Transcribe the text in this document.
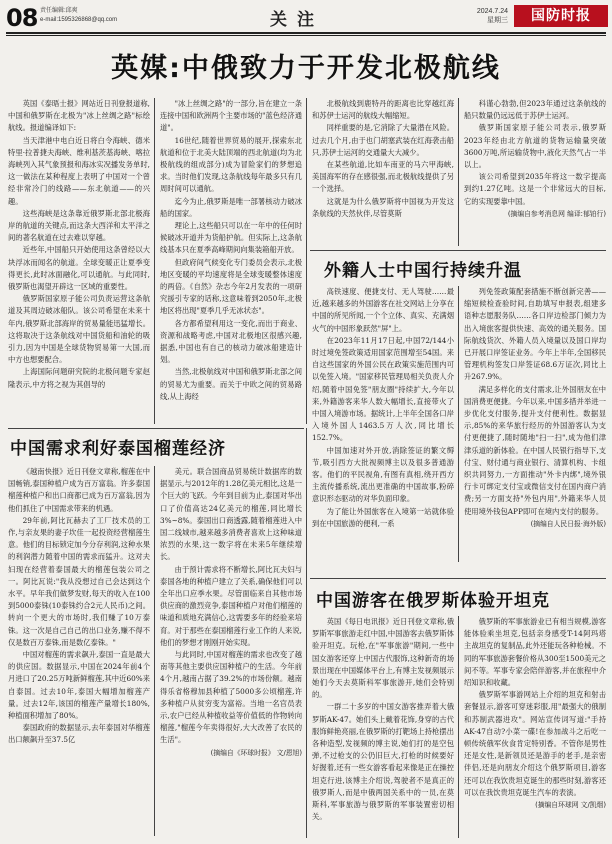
08 责任编辑:邱爽
e-mail:1595326868@qq.com	关注	2024.7.24
星期三	国防时报
英媒:中俄致力于开发北极航线

英国《泰晤士报》网站近日刊登报道称,中国和俄罗斯在北极为"冰上丝绸之路"标绘航线。报道编译如下:

当天津港中电白近日将白令海峡、德米特里·拉普捷夫海峡、维利基茨基海峡、喀拉海峡列入其气象预报和海冰实况播发务单时,这一做法在某种程度上表明了中国对一个曾经非常冷门的线路——东北航道——的兴趣。

这些海峡是这条靠近俄罗斯北部北极海岸的航道的关键点,而这条大西洋和太平洋之间的著名航道在过去难以穿越。

近些年,中国船只开始使用这条曾经以大块浮冰而闻名的航道。全球变暖正让夏季变得更长,此时冰面融化,可以通航。与此同时,俄罗斯也渴望开辟这一区域的重要性。

俄罗斯国家原子能公司负责运营这条航道及其周边破冰船队。该公司希望在未来十年内,俄罗斯北部海岸的贸易量能迅猛增长。这将取决于这条航线对中国货船和油轮的吸引力,因为中国是全球货物贸易第一大国,而中方也想要配合。

上海国际问题研究院的北极问题专家赵隆表示,中方将之视为其倡导的

"冰上丝绸之路"的一部分,旨在建立一条连接中国和欧洲两个主要市场的"蓝色经济通道"。

16世纪,随着世界贸易的展开,探索东北航道和位于北美大陆顶端的西北航道(均为北极航线的组成部分)成为冒险家们的梦想追求。当时他们发现,这条航线每年最多只有几周时间可以通航。

迄今为止,俄罗斯是唯一部署核动力破冰船的国家。

理论上,这些船只可以在一年中的任何时候破冰开道并为货船护航。但实际上,这条航线基本只在夏季高峰期间向集装箱船开放。

但政府间气候变化专门委员会表示,北极地区变暖的平均速度将是全球变暖整体速度的两倍。《自然》杂志今年2月发表的一项研究援引专家的话称,这意味着到2050年,北极地区将出现"夏季几乎无冰状态"。

各方都希望利用这一变化,而出于商业、资源和战略考虑,中国对北极地区很感兴趣,据悉,中国也有自己的核动力破冰船建造计划。

当然,北极航线对中国和俄罗斯北部之间的贸易尤为重要。而关于中欧之间的贸易路线,从上海经

北极航线到鹿特丹的距离也比穿越红海和苏伊士运河的航线大幅缩短。

同样重要的是,它消除了大量潜在风险。过去几个月,由于也门胡塞武装在红海袭击船只,苏伊士运河的交通量大大减少。

在某些航道,比如车南亚的马六甲海峡,美国海军的存在感很强,而北极航线提供了另一个选择。

这就是为什么俄罗斯将中国视为开发这条航线的天然伙伴,尽管莫斯

科谨心勃勃,但2023年通过这条航线的船只数量仍远远低于苏伊士运河。

俄罗斯国家原子能公司表示,俄罗斯2023年经由北方航道的货物运输量突破3600万吨,所运输货物中,液化天然气占一半以上。

该公司希望到2035年将这一数字提高到约1.27亿吨。这是一个非常远大的目标,它的实现要靠中国。

(摘编自参考消息网 编译:郁铂行)
外籍人士中国行持续升温

高铁速度、便捷支付、无人驾驶……最近,越来越多的外国游客在社交网站上分享在中国的所见所闻,一个个立体、真实、充满烟火气的中国形象跃然"屏"上。

在2023年11月17日起,中国72/144小时过境免签政策适用国家范围增至54国。来自这些国家的外国公民在政策实施范围内可以免签入境。"国家移民管理局相关负责人介绍,随着中国免签"朋友圈"持续扩大,今年以来,外籍游客来华人数大幅增长,直接带火了中国入境游市场。据统计,上半年全国各口岸入境外国人1463.5万人次,同比增长152.7%。

中国加速对外开放,消除签证的繁文缛节,吸引西方大批视频博主以及很多普通游客。他们的平民视角,有图有真相,绕开西方主流传播系统,流出更准确的中国故事,粉碎意识形态驱动的对华负面印象。

为了能让外国旅客在入境第一站就体验到在中国旅游的便利,一系

列免签政策配套措施不断创新完善——缩短候检查验时间,自助填写申报表,组建多语种志愿服务队……各口岸边检部门倾力为出入境旅客提供快速、高效的通关服务。国际航线货次、外籍人员入境量以及国口岸均已开展口岸签证业务。今年上半年,全国移民管理机构签发口岸签证68.6万证次,同比上升267.9%。

满足多样化的支付需求,让外国朋友在中国消费更便捷。今年以来,中国多措并举进一步优化支付服务,提升支付便利性。数据显示,85%的来华旅行经历的外国游客认为支付更便捷了,随时随地"扫一扫",成为他们津津乐道的新体验。在中国人民银行指导下,支付宝、财付通与商业银行、清算机构、卡组织共同努力,一方面推动"外卡内绑",境外银行卡可绑定支付宝或微信支付在国内商户消费;另一方面支持"外包内用",外籍来华人员使用境外钱包APP即可在境内支付的服务。

(摘编自人民日报·海外版)
中国需求利好泰国榴莲经济

《越南快报》近日刊登文章称,榴莲在中国畅销,泰国种植户成为百万富翁。许多泰国榴莲种植户和出口商都已成为百万富翁,因为他们抓住了中国需求带来的机遇。

29年前,阿比瓦赫去了工厂技术员的工作,与亲友果的妻子坎佳一起投资经营榴莲生意。他们的目标锁定加今分存利润,这种水果的利润潜力随着中国的需求而猛升。这对夫妇现在经营着泰国最大的榴莲包装公司之一。阿比瓦说:"我从没想过自己会达到这个水平。早年我们做梦发财,每天的收入在100到5000泰铢(10泰铢约合2元人民币)之间。转向一个更大的市场时,我们赚了10万泰铢。这一次是自己自己的出口业务,赚不得不仅是数百万泰铢,而是数亿泰铢。"

中国对榴莲的需求飙升,泰国一直是最大的供应国。数据显示,中国在2024年前4个月进口了20.25万吨新鲜榴莲,其中近60%来自泰国。过去10年,泰国大幅增加榴莲产量。过去12年,该国的榴莲产量增长180%,种植面积增加了80%。

泰国政府的数据显示,去年泰国对华榴莲出口额飙升至37.5亿

美元。联合国商品贸易统计数据库的数据显示,与2012年的1.28亿美元相比,这是一个巨大的飞跃。今年到目前为止,泰国对华出口了价值高达24亿美元的榴莲,同比增长3%~8%。泰国出口商透露,随着榴莲进入中国二线城市,越来越多消费者喜欢上这种味道浓烈的水果,这一数字将在未来5年继续增长。

由于预计需求将不断增长,阿比瓦夫妇与泰国各地的种植户建立了关系,确保他们可以全年出口应季水果。尽管面临来自其他市场供应商的激烈竞争,泰国种植户对他们榴莲的味道和质地充满信心,这需要多年的经验来培育。对于那些在泰国榴莲行业工作的人来说,他们的梦想才刚刚开始实现。

与此同时,中国对榴莲的需求也改变了越南等其他主要供应国种植户的生活。今年前4个月,越南占据了39.2%的市场份额。越南得乐省格穆加县种植了5000多公顷榴莲,许多种植户从贫穷变为富裕。当地一名官员表示,农户已经从种植收益等价值低的作物转向榴莲,"榴莲今年卖得很好,大大改善了农民的生活"。

(摘编自《环球时报》 文/恩旭)
中国游客在俄罗斯体验开坦克

英国《每日电讯报》近日刊登文章称,俄罗斯军事旅游走红中国,中国游客去俄罗斯体验开坦克。玩枪,在"军事旅游"期间,一些中国女游客还穿上中国古代服饰,这种新奇的场景出现在中国媒体平台上,有博主发视频展示她们今天去莫斯科军事旅游开,她们会特别的。

一群二十多岁的中国女游客推弄着大俄罗斯AK-47。她们头上戴着花饰,身穿的古代服饰鲜艳亮丽,在俄罗斯的打靶场上持枪摆出各种造型,发视频的博主说,她们打的是空包弹,不过枪支的公仍旧巨大,打枪的时候要好好握着,还有一些女游客看起来像是正在操控坦克行进,该博主介绍说,驾驶者不是真正的俄罗斯人,而是中俄两国关系中的一员,在莫斯科,军事旅游与俄罗斯的军事装置密切相关。

俄罗斯的军事旅游业已有相当规模,游客能体验乘坐坦克,包括亲身感受T-14阿玛塔主战坦克的复制品,此外还能玩各种枪械。不同的军事旅游套餐价格从300至1500美元之间不等。军事专家会陪伴游客,并在旅程中介绍知识和收藏。

俄罗斯军事游网站上介绍的坦克和射击套餐显示,游客可穿迷彩服,用"最强大的俄制和苏制武器进攻"。网站宣传词写道:"手持AK-47自动?小菜一碟!在参加战斗之后吃一顿传统俄军伙食肯定特别香。不管你是男性还是女性,是新领员还是游手的老手,是亲密伴侣,还是向朋友介绍这个俄罗斯项目,游客还可以在我饮贵坦克诞生的那些时刻,游客还可以在我饮贵坦克诞生汽车的表演。

(摘编自环球网 文/凯烟)
